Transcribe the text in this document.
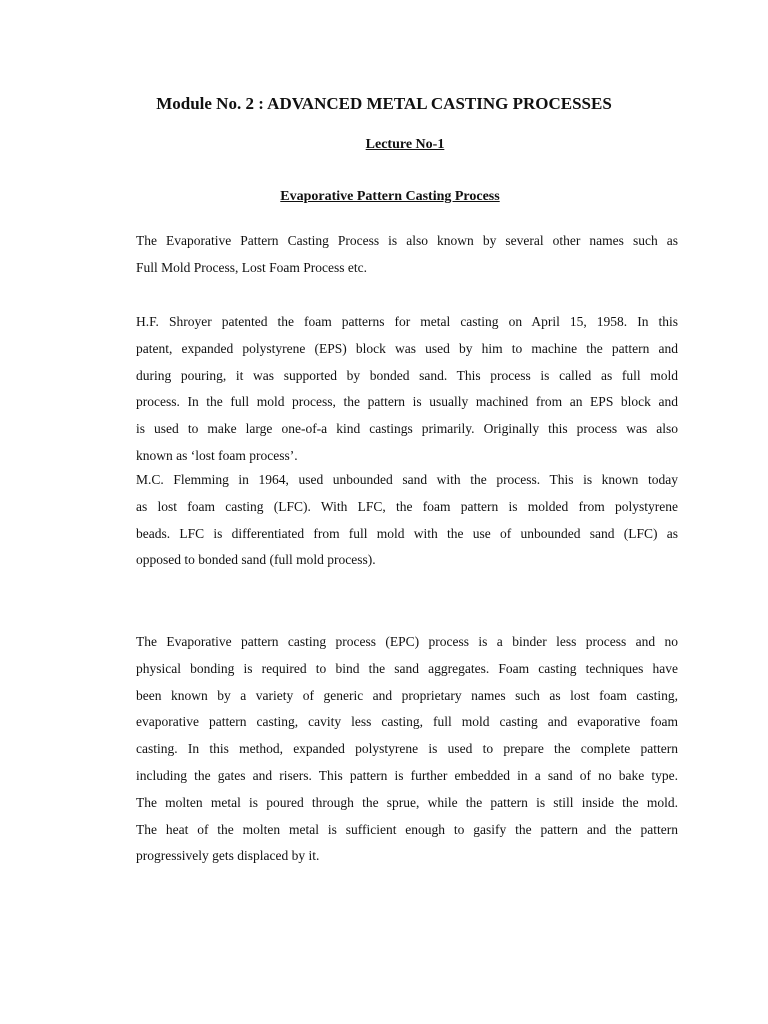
Module No. 2 : ADVANCED METAL CASTING PROCESSES
Lecture No-1
Evaporative Pattern Casting Process
The Evaporative Pattern Casting Process is also known by several other names such as
Full Mold Process, Lost Foam Process etc.
H.F. Shroyer patented the foam patterns for metal casting on April 15, 1958. In this
patent, expanded polystyrene (EPS) block was used by him to machine the pattern and
during pouring, it was supported by bonded sand. This process is called as full mold
process. In the full mold process, the pattern is usually machined from an EPS block and
is used to make large one-of-a kind castings primarily. Originally this process was also
known as ‘lost foam process’.
M.C. Flemming in 1964, used unbounded sand with the process. This is known today
as lost foam casting (LFC). With LFC, the foam pattern is molded from polystyrene
beads. LFC is differentiated from full mold with the use of unbounded sand (LFC) as
opposed to bonded sand (full mold process).
The Evaporative pattern casting process (EPC) process is a binder less process and no
physical bonding is required to bind the sand aggregates. Foam casting techniques have
been known by a variety of generic and proprietary names such as lost foam casting,
evaporative pattern casting, cavity less casting, full mold casting and evaporative foam
casting. In this method, expanded polystyrene is used to prepare the complete pattern
including the gates and risers. This pattern is further embedded in a sand of no bake type.
The molten metal is poured through the sprue, while the pattern is still inside the mold.
The heat of the molten metal is sufficient enough to gasify the pattern and the pattern
progressively gets displaced by it.
